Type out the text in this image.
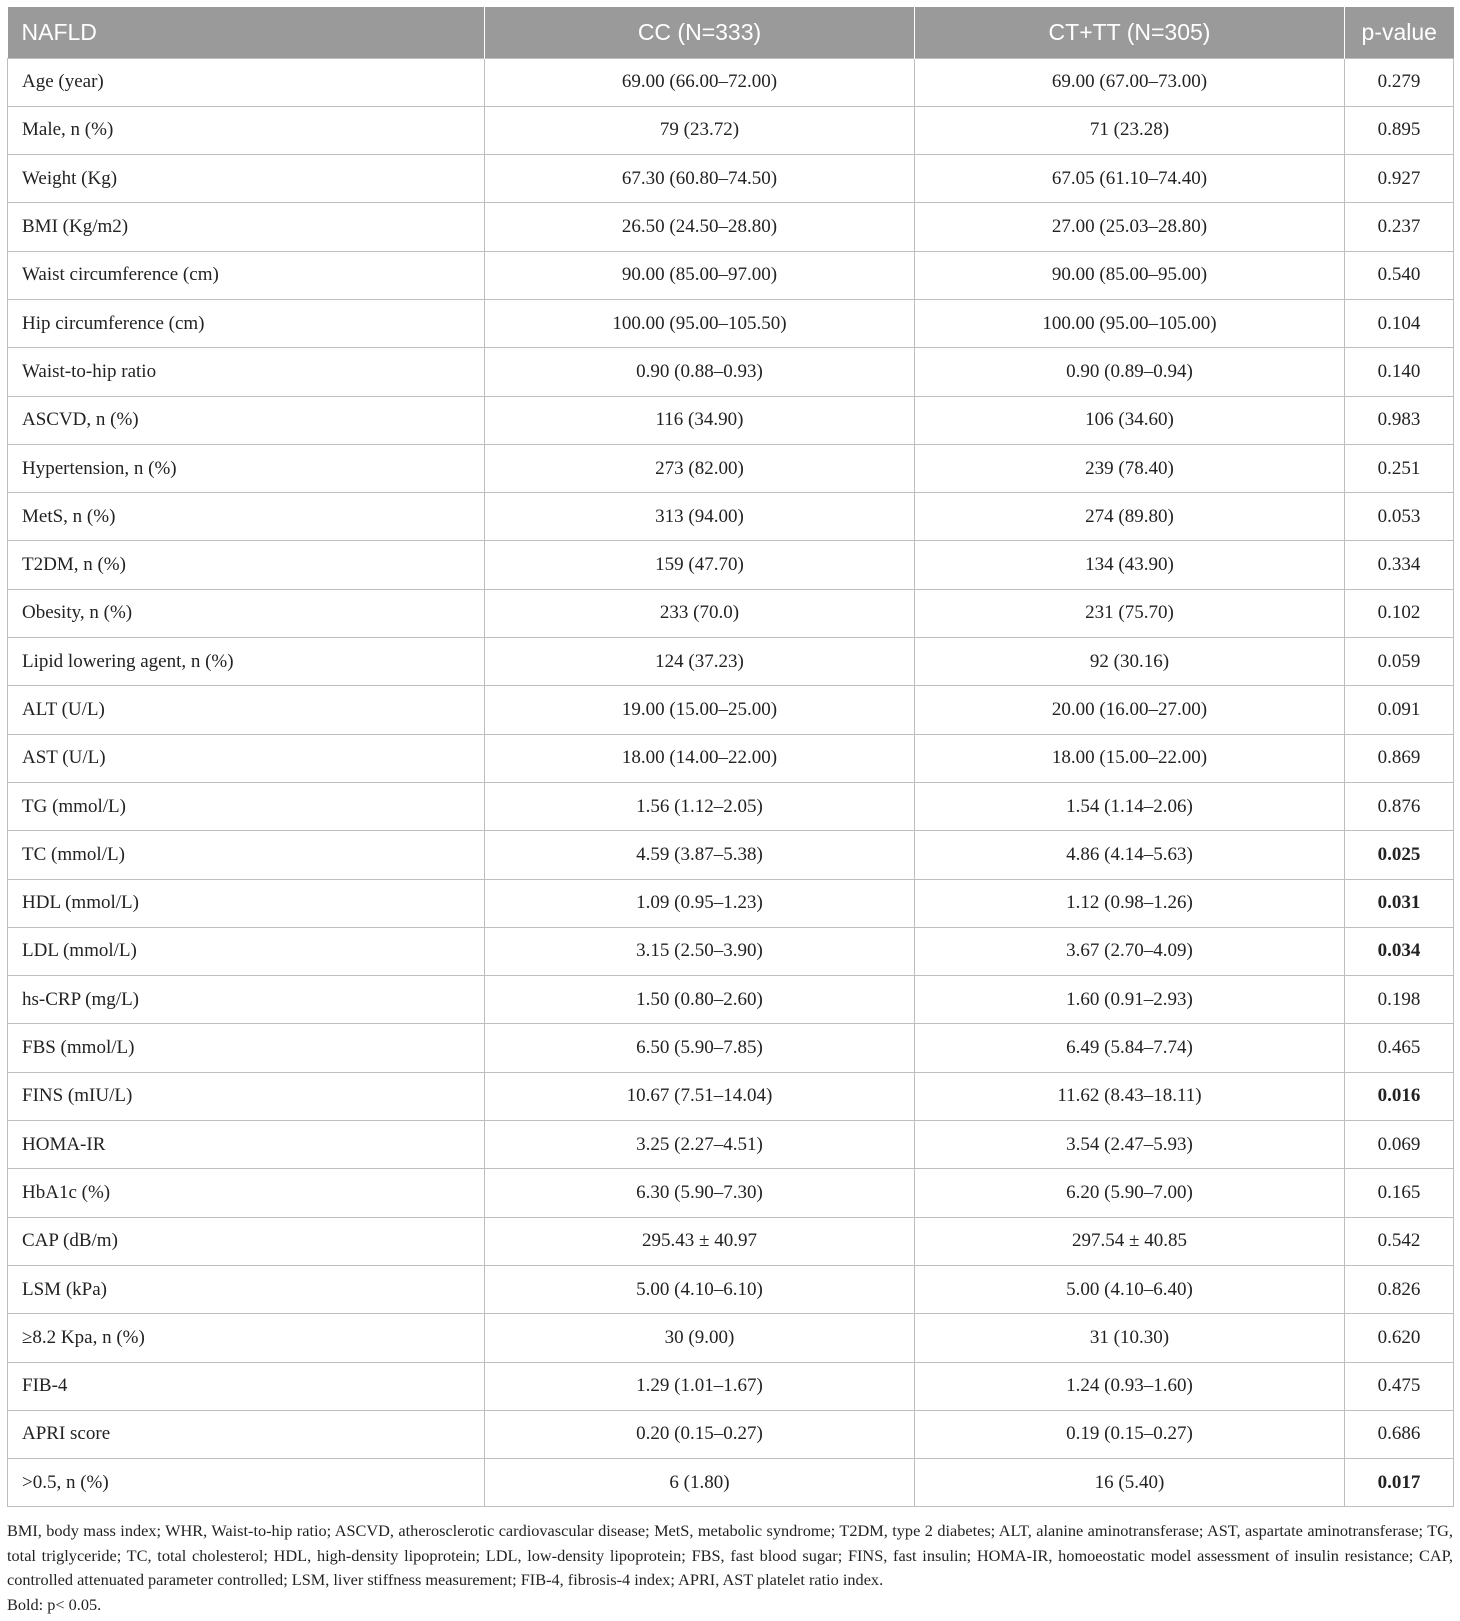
NAFLD	CC (N=333)	CT+TT (N=305)	p-value
Age (year)	69.00 (66.00–72.00)	69.00 (67.00–73.00)	0.279
Male, n (%)	79 (23.72)	71 (23.28)	0.895
Weight (Kg)	67.30 (60.80–74.50)	67.05 (61.10–74.40)	0.927
BMI (Kg/m2)	26.50 (24.50–28.80)	27.00 (25.03–28.80)	0.237
Waist circumference (cm)	90.00 (85.00–97.00)	90.00 (85.00–95.00)	0.540
Hip circumference (cm)	100.00 (95.00–105.50)	100.00 (95.00–105.00)	0.104
Waist-to-hip ratio	0.90 (0.88–0.93)	0.90 (0.89–0.94)	0.140
ASCVD, n (%)	116 (34.90)	106 (34.60)	0.983
Hypertension, n (%)	273 (82.00)	239 (78.40)	0.251
MetS, n (%)	313 (94.00)	274 (89.80)	0.053
T2DM, n (%)	159 (47.70)	134 (43.90)	0.334
Obesity, n (%)	233 (70.0)	231 (75.70)	0.102
Lipid lowering agent, n (%)	124 (37.23)	92 (30.16)	0.059
ALT (U/L)	19.00 (15.00–25.00)	20.00 (16.00–27.00)	0.091
AST (U/L)	18.00 (14.00–22.00)	18.00 (15.00–22.00)	0.869
TG (mmol/L)	1.56 (1.12–2.05)	1.54 (1.14–2.06)	0.876
TC (mmol/L)	4.59 (3.87–5.38)	4.86 (4.14–5.63)	0.025
HDL (mmol/L)	1.09 (0.95–1.23)	1.12 (0.98–1.26)	0.031
LDL (mmol/L)	3.15 (2.50–3.90)	3.67 (2.70–4.09)	0.034
hs-CRP (mg/L)	1.50 (0.80–2.60)	1.60 (0.91–2.93)	0.198
FBS (mmol/L)	6.50 (5.90–7.85)	6.49 (5.84–7.74)	0.465
FINS (mIU/L)	10.67 (7.51–14.04)	11.62 (8.43–18.11)	0.016
HOMA-IR	3.25 (2.27–4.51)	3.54 (2.47–5.93)	0.069
HbA1c (%)	6.30 (5.90–7.30)	6.20 (5.90–7.00)	0.165
CAP (dB/m)	295.43 ± 40.97	297.54 ± 40.85	0.542
LSM (kPa)	5.00 (4.10–6.10)	5.00 (4.10–6.40)	0.826
≥8.2 Kpa, n (%)	30 (9.00)	31 (10.30)	0.620
FIB-4	1.29 (1.01–1.67)	1.24 (0.93–1.60)	0.475
APRI score	0.20 (0.15–0.27)	0.19 (0.15–0.27)	0.686
>0.5, n (%)	6 (1.80)	16 (5.40)	0.017

BMI, body mass index; WHR, Waist-to-hip ratio; ASCVD, atherosclerotic cardiovascular disease; MetS, metabolic syndrome; T2DM, type 2 diabetes; ALT, alanine aminotransferase; AST, aspartate aminotransferase; TG, total triglyceride; TC, total cholesterol; HDL, high-density lipoprotein; LDL, low-density lipoprotein; FBS, fast blood sugar; FINS, fast insulin; HOMA-IR, homoeostatic model assessment of insulin resistance; CAP, controlled attenuated parameter controlled; LSM, liver stiffness measurement; FIB-4, fibrosis-4 index; APRI, AST platelet ratio index.

Bold: p< 0.05.
